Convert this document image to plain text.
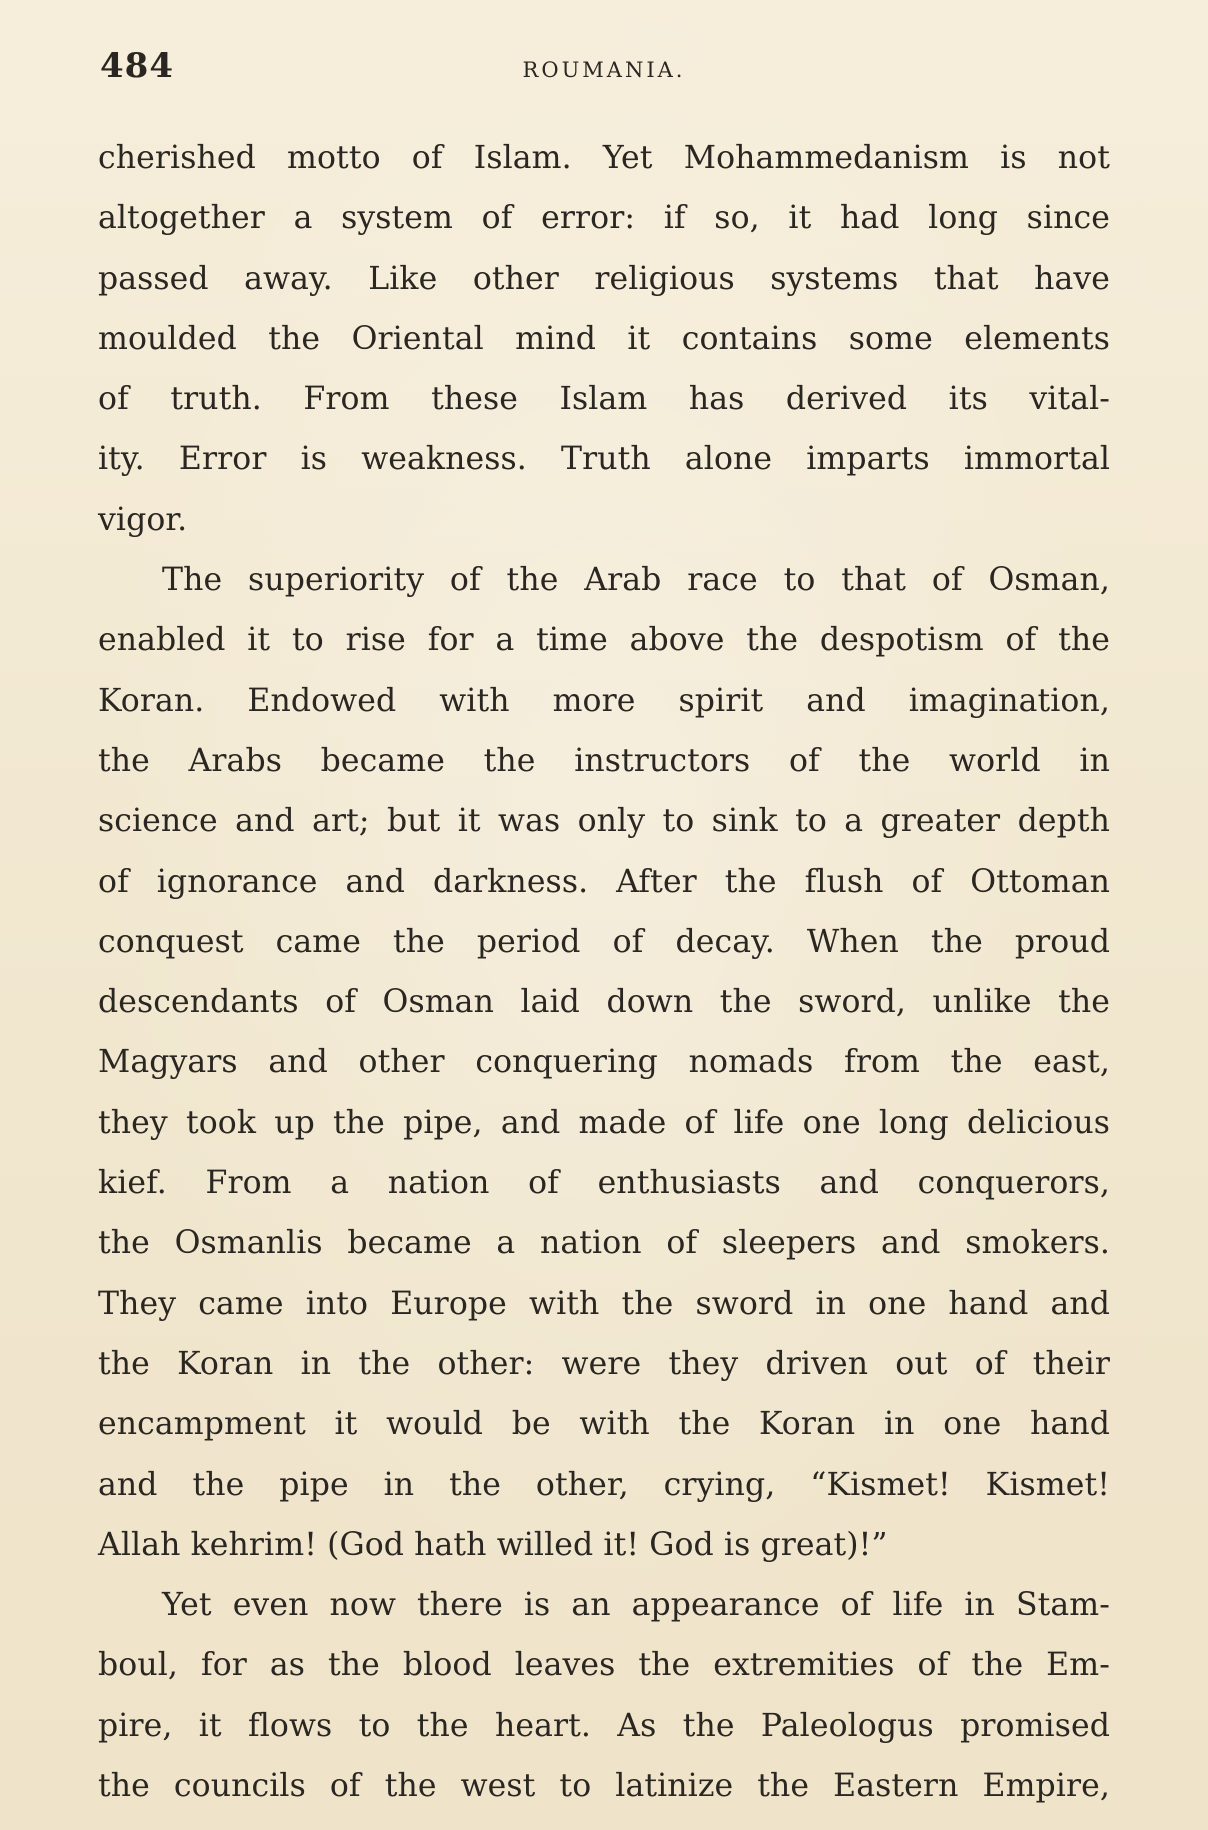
484	ROUMANIA.
cherished motto of Islam. Yet Mohammedanism is not
altogether a system of error: if so, it had long since
passed away. Like other religious systems that have
moulded the Oriental mind it contains some elements
of truth. From these Islam has derived its vital-
ity. Error is weakness. Truth alone imparts immortal
vigor.
The superiority of the Arab race to that of Osman,
enabled it to rise for a time above the despotism of the
Koran. Endowed with more spirit and imagination,
the Arabs became the instructors of the world in
science and art; but it was only to sink to a greater depth
of ignorance and darkness. After the flush of Ottoman
conquest came the period of decay. When the proud
descendants of Osman laid down the sword, unlike the
Magyars and other conquering nomads from the east,
they took up the pipe, and made of life one long delicious
kief. From a nation of enthusiasts and conquerors,
the Osmanlis became a nation of sleepers and smokers.
They came into Europe with the sword in one hand and
the Koran in the other: were they driven out of their
encampment it would be with the Koran in one hand
and the pipe in the other, crying, “Kismet! Kismet!
Allah kehrim! (God hath willed it! God is great)!”
Yet even now there is an appearance of life in Stam-
boul, for as the blood leaves the extremities of the Em-
pire, it flows to the heart. As the Paleologus promised
the councils of the west to latinize the Eastern Empire,
